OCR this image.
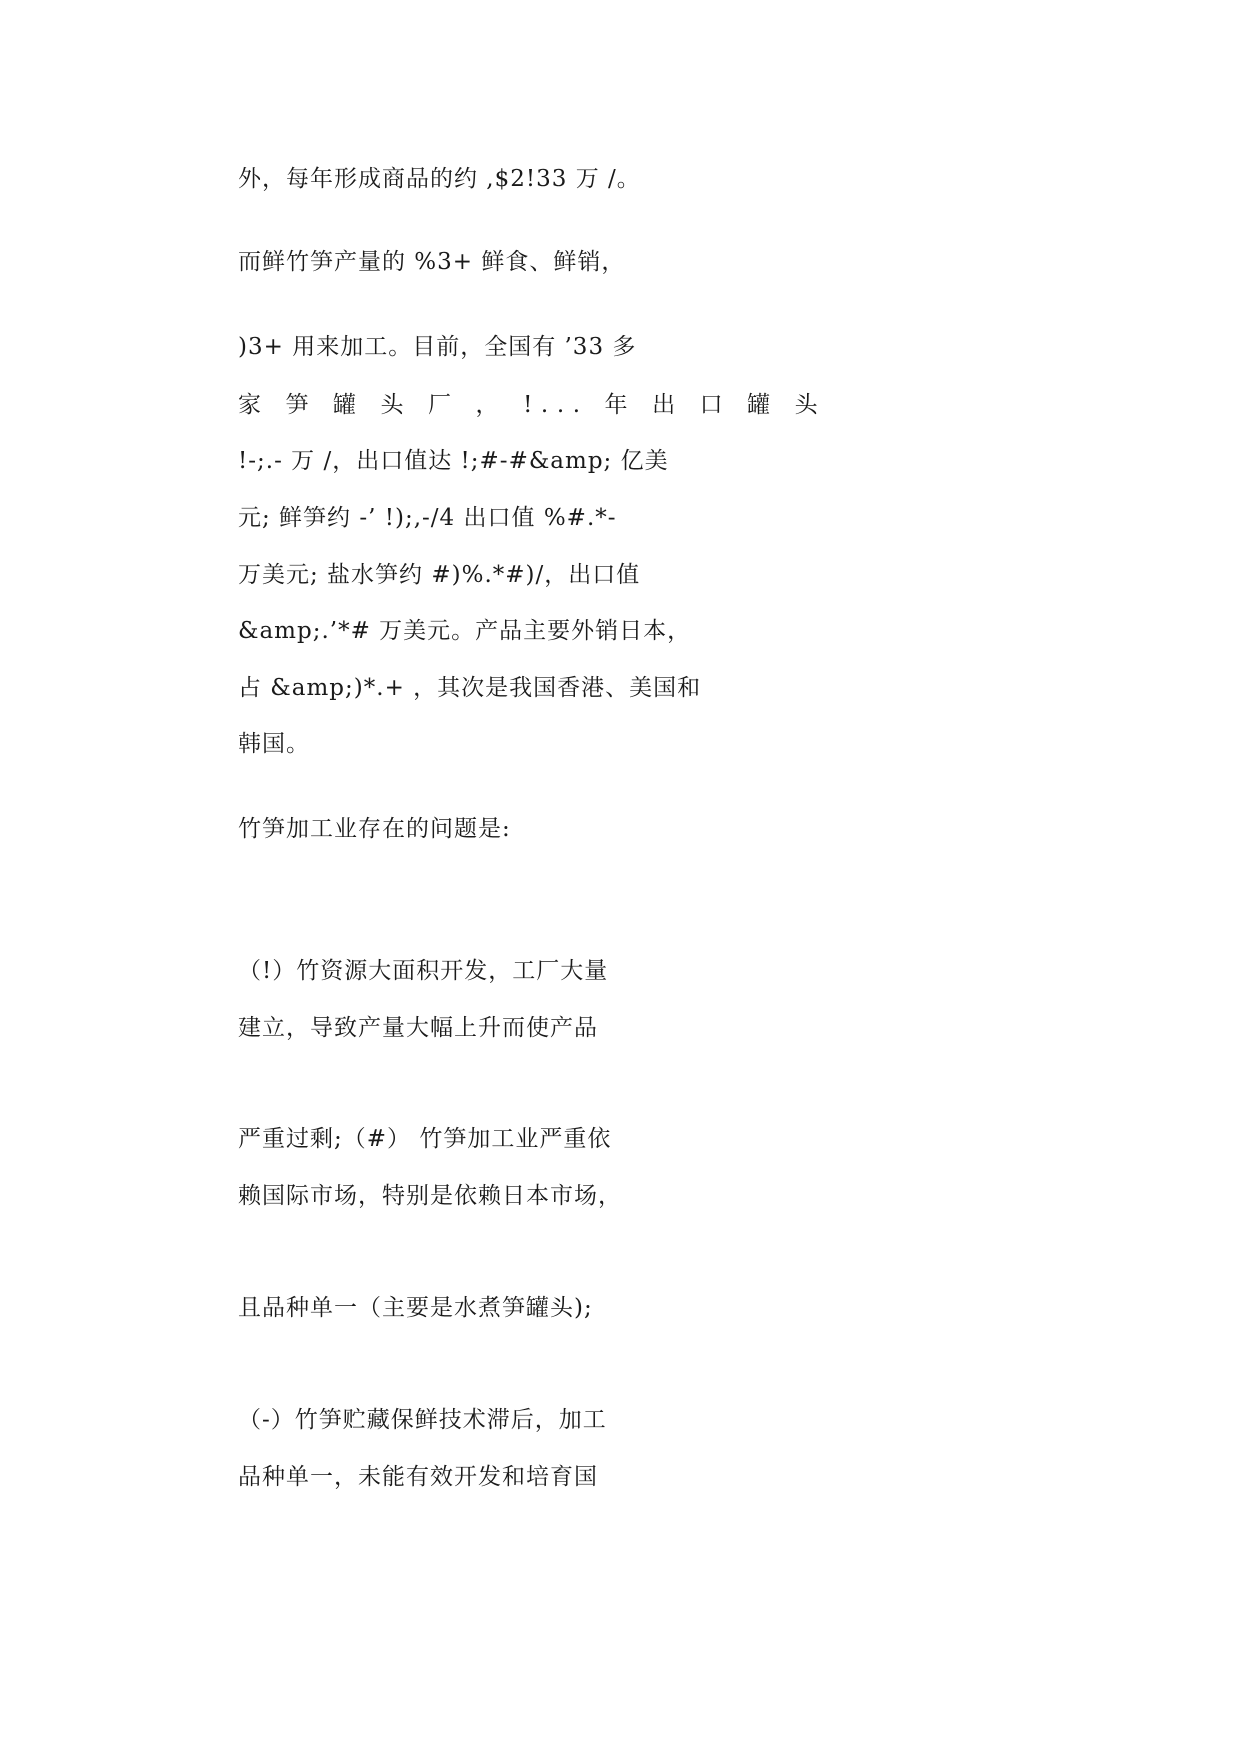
外，每年形成商品的约 ,$2!33 万 /。
而鲜竹笋产量的 %3+ 鲜食、鲜销，
)3+ 用来加工。目前，全国有 ’33 多
家 笋 罐 头 厂 ， !... 年 出 口 罐 头
!-;.- 万 /，出口值达 !;#-#&amp; 亿美
元; 鲜笋约 -’ !);,-/4 出口值 %#.*-
万美元; 盐水笋约 #)%.*#)/，出口值
&amp;.’*# 万美元。产品主要外销日本，
占 &amp;)*.+ ，其次是我国香港、美国和
韩国。
竹笋加工业存在的问题是:
（!）竹资源大面积开发，工厂大量
建立，导致产量大幅上升而使产品
严重过剩;（#） 竹笋加工业严重依
赖国际市场，特别是依赖日本市场，
且品种单一（主要是水煮笋罐头);
（-）竹笋贮藏保鲜技术滞后，加工
品种单一，未能有效开发和培育国
